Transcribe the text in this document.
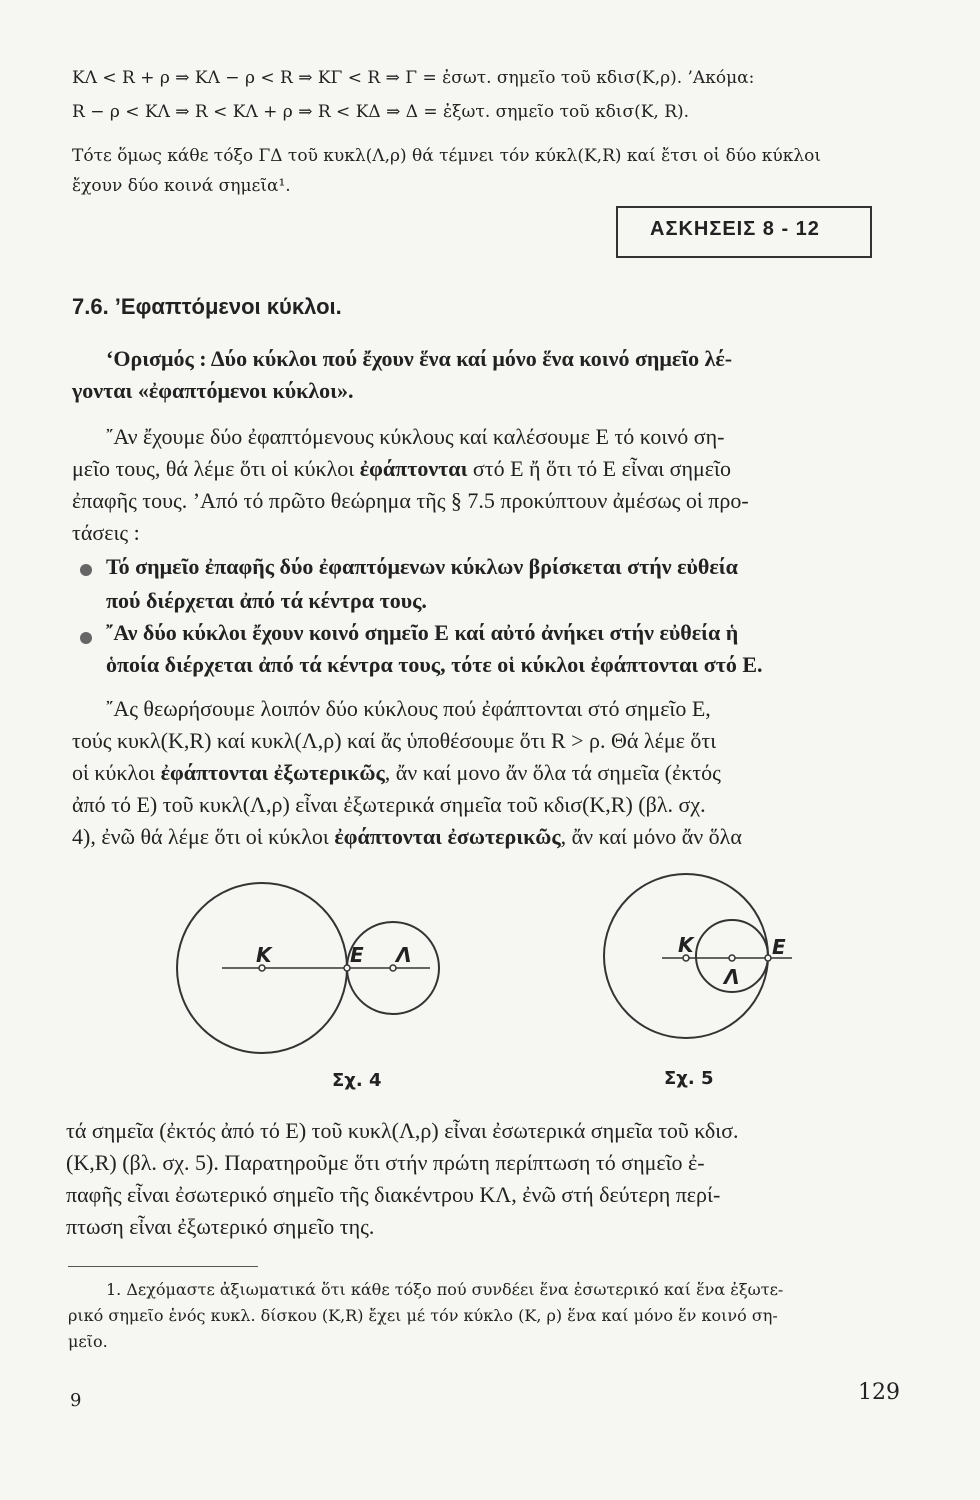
ΚΛ < R + ρ ⇒ ΚΛ − ρ < R ⇒ ΚΓ < R ⇒ Γ = ἐσωτ. σημεῖο τοῦ κδισ(Κ,ρ). ’Ακόμα:
R − ρ < ΚΛ ⇒ R < ΚΛ + ρ ⇒ R < ΚΔ ⇒ Δ = ἐξωτ. σημεῖο τοῦ κδισ(Κ, R).
Τότε ὅμως κάθε τόξο ΓΔ τοῦ κυκλ(Λ,ρ) θά τέμνει τόν κύκλ(Κ,R) καί ἔτσι οἱ δύο κύκλοι
ἔχουν δύο κοινά σημεῖα¹.
ΑΣΚΗΣΕΙΣ 8 - 12
7.6. ’Εφαπτόμενοι κύκλοι.
‘Ορισμός : Δύο κύκλοι πού ἔχουν ἕνα καί μόνο ἕνα κοινό σημεῖο λέ-
γονται «ἐφαπτόμενοι κύκλοι».
῎Αν ἔχουμε δύο ἐφαπτόμενους κύκλους καί καλέσουμε Ε τό κοινό ση-
μεῖο τους, θά λέμε ὅτι οἱ κύκλοι ἐφάπτονται στό Ε ἤ ὅτι τό Ε εἶναι σημεῖο
ἐπαφῆς τους. ’Από τό πρῶτο θεώρημα τῆς § 7.5 προκύπτουν ἀμέσως οἱ προ-
τάσεις :
Τό σημεῖο ἐπαφῆς δύο ἐφαπτόμενων κύκλων βρίσκεται στήν εὐθεία
πού διέρχεται ἀπό τά κέντρα τους.
῎Αν δύο κύκλοι ἔχουν κοινό σημεῖο Ε καί αὐτό ἀνήκει στήν εὐθεία ἡ
ὁποία διέρχεται ἀπό τά κέντρα τους, τότε οἱ κύκλοι ἐφάπτονται στό Ε.
῎Ας θεωρήσουμε λοιπόν δύο κύκλους πού ἐφάπτονται στό σημεῖο Ε,
τούς κυκλ(Κ,R) καί κυκλ(Λ,ρ) καί ἄς ὑποθέσουμε ὅτι R > ρ. Θά λέμε ὅτι
οἱ κύκλοι ἐφάπτονται ἐξωτερικῶς, ἄν καί μονο ἄν ὅλα τά σημεῖα (ἐκτός
ἀπό τό Ε) τοῦ κυκλ(Λ,ρ) εἶναι ἐξωτερικά σημεῖα τοῦ κδισ(Κ,R) (βλ. σχ.
4), ἐνῶ θά λέμε ὅτι οἱ κύκλοι ἐφάπτονται ἐσωτερικῶς, ἄν καί μόνο ἄν ὅλα
Κ	Ε Λ
Σχ. 4
Κ	Ε
Λ
Σχ. 5
τά σημεῖα (ἐκτός ἀπό τό Ε) τοῦ κυκλ(Λ,ρ) εἶναι ἐσωτερικά σημεῖα τοῦ κδισ.
(Κ,R) (βλ. σχ. 5). Παρατηροῦμε ὅτι στήν πρώτη περίπτωση τό σημεῖο ἐ-
παφῆς εἶναι ἐσωτερικό σημεῖο τῆς διακέντρου ΚΛ, ἐνῶ στή δεύτερη περί-
πτωση εἶναι ἐξωτερικό σημεῖο της.
1. Δεχόμαστε ἀξιωματικά ὅτι κάθε τόξο πού συνδέει ἕνα ἐσωτερικό καί ἕνα ἐξωτε-
ρικό σημεῖο ἑνός κυκλ. δίσκου (Κ,R) ἔχει μέ τόν κύκλο (Κ, ρ) ἕνα καί μόνο ἕν κοινό ση-
μεῖο.
9	129
